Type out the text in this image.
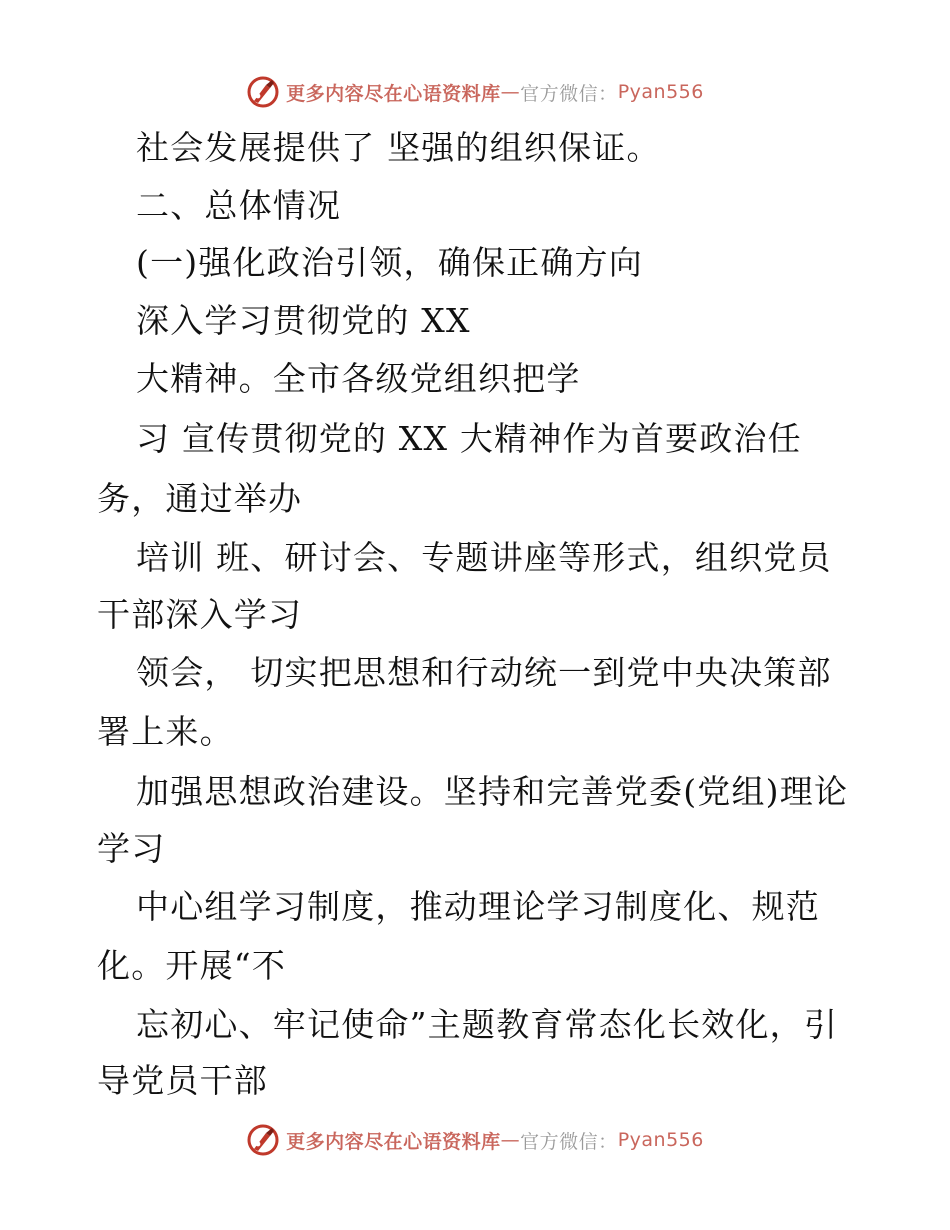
更多内容尽在心语资料库 — 官方微信： Pyan556
社会发展提供了 坚强的组织保证。
二、总体情况
(一)强化政治引领，确保正确方向
深入学习贯彻党的 XX
大精神。全市各级党组织把学
习 宣传贯彻党的 XX 大精神作为首要政治任
务，通过举办
培训 班、研讨会、专题讲座等形式，组织党员
干部深入学习
领会， 切实把思想和行动统一到党中央决策部
署上来。
加强思想政治建设。坚持和完善党委(党组)理论
学习
中心组学习制度，推动理论学习制度化、规范
化。开展“不
忘初心、牢记使命”主题教育常态化长效化，引
导党员干部
更多内容尽在心语资料库 — 官方微信： Pyan556
